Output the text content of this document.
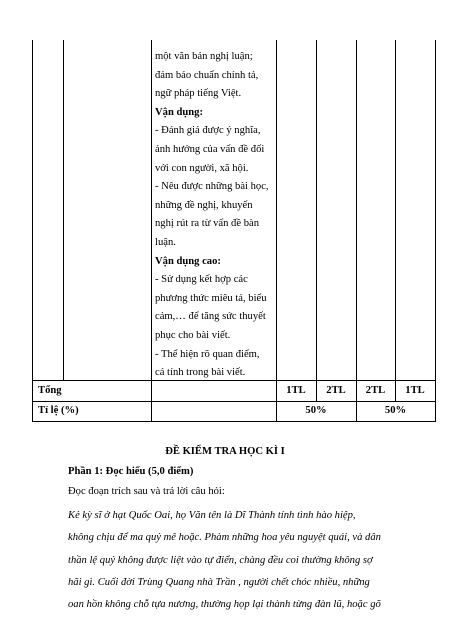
một văn bản nghị luận;

đảm bảo chuẩn chính tả,

ngữ pháp tiếng Việt.

Vận dụng:

- Đánh giá được ý nghĩa,

ảnh hưởng của vấn đề đối

với con người, xã hội.

- Nêu được những bài học,

những đề nghị, khuyến

nghị rút ra từ vấn đề bàn

luận.

Vận dụng cao:

- Sử dụng kết hợp các

phương thức miêu tả, biểu

cảm,… để tăng sức thuyết

phục cho bài viết.

- Thể hiện rõ quan điểm,

cá tính trong bài viết.

Tổng	1TL	2TL	2TL	1TL
Tỉ lệ (%)	50%	50%
ĐỀ KIỂM TRA HỌC KÌ I
Phần 1: Đọc hiểu (5,0 điểm)
Đọc đoạn trích sau và trả lời câu hỏi:
Kẻ kỳ sĩ ở hạt Quốc Oai, họ Văn tên là Dĩ Thành tính tình hào hiệp,
không chịu để ma quỷ mê hoặc. Phàm những hoa yêu nguyệt quái, và dân
thần lệ quỷ không được liệt vào tự điển, chàng đều coi thường không sợ
hãi gì. Cuối đời Trùng Quang nhà Trần , người chết chóc nhiều, những
oan hồn không chỗ tựa nương, thường họp lại thành từng đàn lũ, hoặc gõ
